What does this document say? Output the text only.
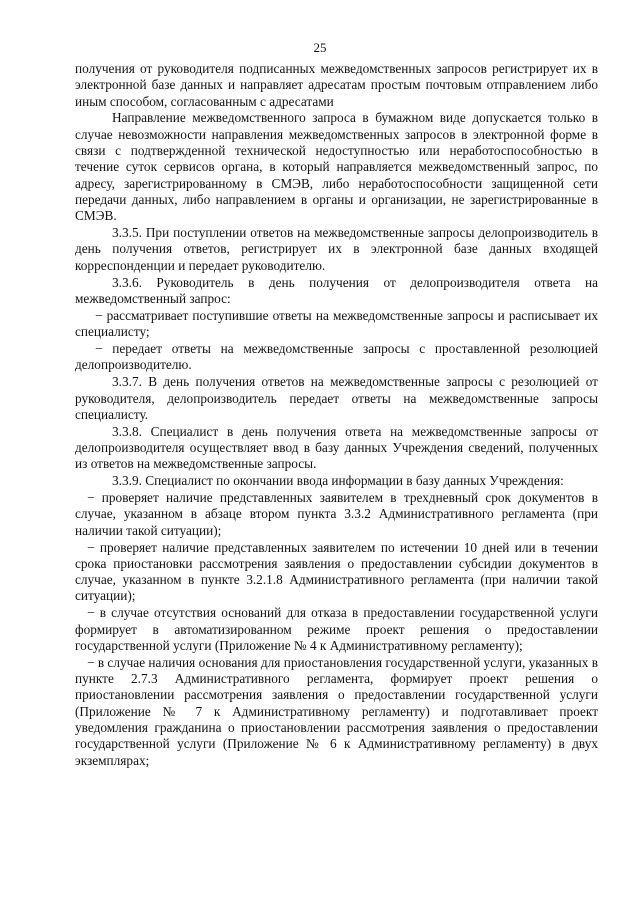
25

получения от руководителя подписанных межведомственных запросов регистрирует их в электронной базе данных и направляет адресатам простым почтовым отправлением либо иным способом, согласованным с адресатами

Направление межведомственного запроса в бумажном виде допускается только в случае невозможности направления межведомственных запросов в электронной форме в связи с подтвержденной технической недоступностью или неработоспособностью в течение суток сервисов органа, в который направляется межведомственный запрос, по адресу, зарегистрированному в СМЭВ, либо неработоспособности защищенной сети передачи данных, либо направлением в органы и организации, не зарегистрированные в СМЭВ.

3.3.5. При поступлении ответов на межведомственные запросы делопроизводитель в день получения ответов, регистрирует их в электронной базе данных входящей корреспонденции и передает руководителю.

3.3.6. Руководитель в день получения от делопроизводителя ответа на межведомственный запрос:

− рассматривает поступившие ответы на межведомственные запросы и расписывает их специалисту;

− передает ответы на межведомственные запросы с проставленной резолюцией делопроизводителю.

3.3.7. В день получения ответов на межведомственные запросы с резолюцией от руководителя, делопроизводитель передает ответы на межведомственные запросы специалисту.

3.3.8. Специалист в день получения ответа на межведомственные запросы от делопроизводителя осуществляет ввод в базу данных Учреждения сведений, полученных из ответов на межведомственные запросы.

3.3.9. Специалист по окончании ввода информации в базу данных Учреждения:

− проверяет наличие представленных заявителем в трехдневный срок документов в случае, указанном в абзаце втором пункта 3.3.2 Административного регламента (при наличии такой ситуации);

− проверяет наличие представленных заявителем по истечении 10 дней или в течении срока приостановки рассмотрения заявления о предоставлении субсидии документов в случае, указанном в пункте 3.2.1.8 Административного регламента (при наличии такой ситуации);

− в случае отсутствия оснований для отказа в предоставлении государственной услуги формирует в автоматизированном режиме проект решения о предоставлении государственной услуги (Приложение № 4 к Административному регламенту);

− в случае наличия основания для приостановления государственной услуги, указанных в пункте 2.7.3 Административного регламента, формирует проект решения о приостановлении рассмотрения заявления о предоставлении государственной услуги (Приложение № 7 к Административному регламенту) и подготавливает проект уведомления гражданина о приостановлении рассмотрения заявления о предоставлении государственной услуги (Приложение № 6 к Административному регламенту) в двух экземплярах;
